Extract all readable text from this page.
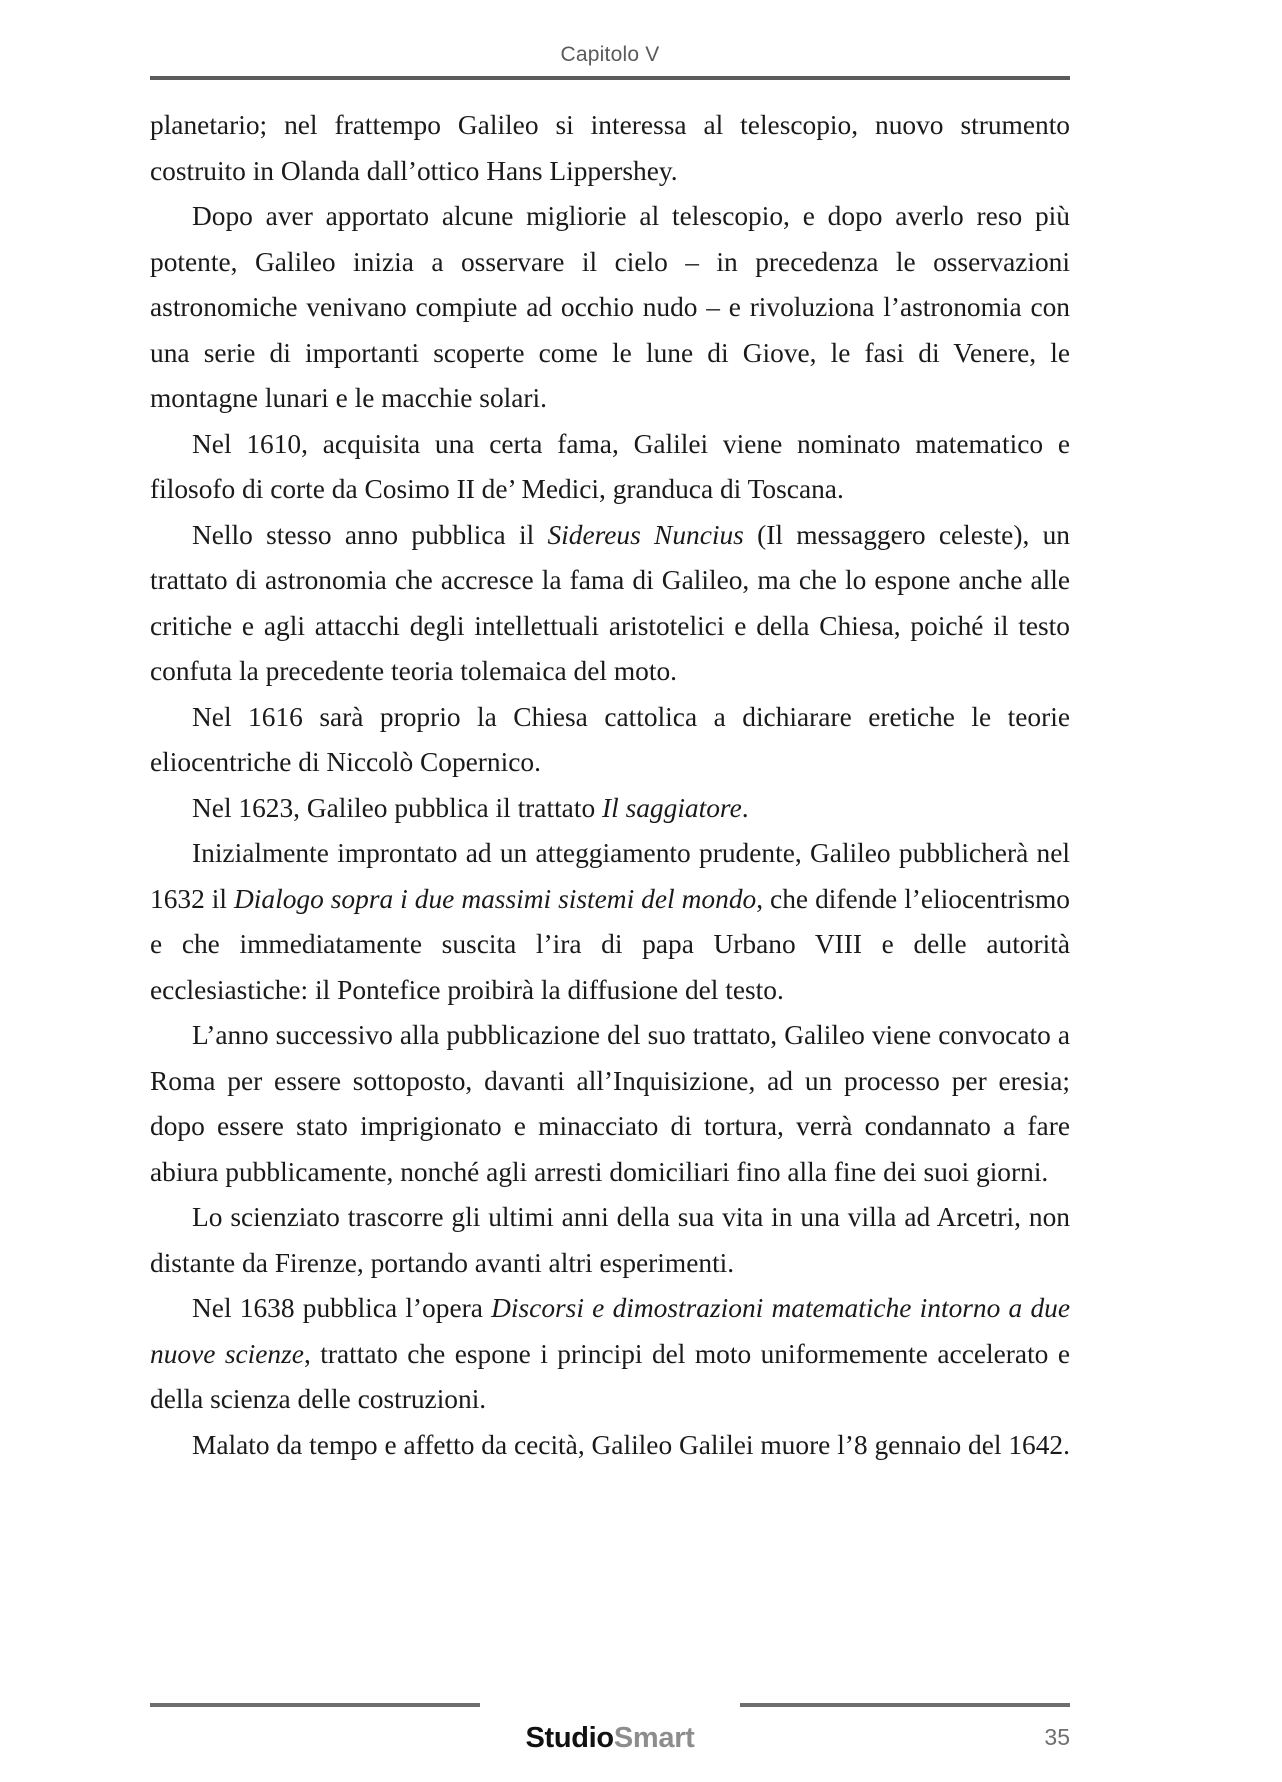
Capitolo V

planetario; nel frattempo Galileo si interessa al telescopio, nuovo strumento costruito in Olanda dall’ottico Hans Lippershey.

Dopo aver apportato alcune migliorie al telescopio, e dopo averlo reso più potente, Galileo inizia a osservare il cielo – in precedenza le osservazioni astronomiche venivano compiute ad occhio nudo – e rivoluziona l’astronomia con una serie di importanti scoperte come le lune di Giove, le fasi di Venere, le montagne lunari e le macchie solari.

Nel 1610, acquisita una certa fama, Galilei viene nominato matematico e filosofo di corte da Cosimo II de’ Medici, granduca di Toscana.

Nello stesso anno pubblica il Sidereus Nuncius (Il messaggero celeste), un trattato di astronomia che accresce la fama di Galileo, ma che lo espone anche alle critiche e agli attacchi degli intellettuali aristotelici e della Chiesa, poiché il testo confuta la precedente teoria tolemaica del moto.

Nel 1616 sarà proprio la Chiesa cattolica a dichiarare eretiche le teorie eliocentriche di Niccolò Copernico.

Nel 1623, Galileo pubblica il trattato Il saggiatore.

Inizialmente improntato ad un atteggiamento prudente, Galileo pubblicherà nel 1632 il Dialogo sopra i due massimi sistemi del mondo, che difende l’eliocentrismo e che immediatamente suscita l’ira di papa Urbano VIII e delle autorità ecclesiastiche: il Pontefice proibirà la diffusione del testo.

L’anno successivo alla pubblicazione del suo trattato, Galileo viene convocato a Roma per essere sottoposto, davanti all’Inquisizione, ad un processo per eresia; dopo essere stato imprigionato e minacciato di tortura, verrà condannato a fare abiura pubblicamente, nonché agli arresti domiciliari fino alla fine dei suoi giorni.

Lo scienziato trascorre gli ultimi anni della sua vita in una villa ad Arcetri, non distante da Firenze, portando avanti altri esperimenti.

Nel 1638 pubblica l’opera Discorsi e dimostrazioni matematiche intorno a due nuove scienze, trattato che espone i principi del moto uniformemente accelerato e della scienza delle costruzioni.

Malato da tempo e affetto da cecità, Galileo Galilei muore l’8 gennaio del 1642.

StudioSmart	35
